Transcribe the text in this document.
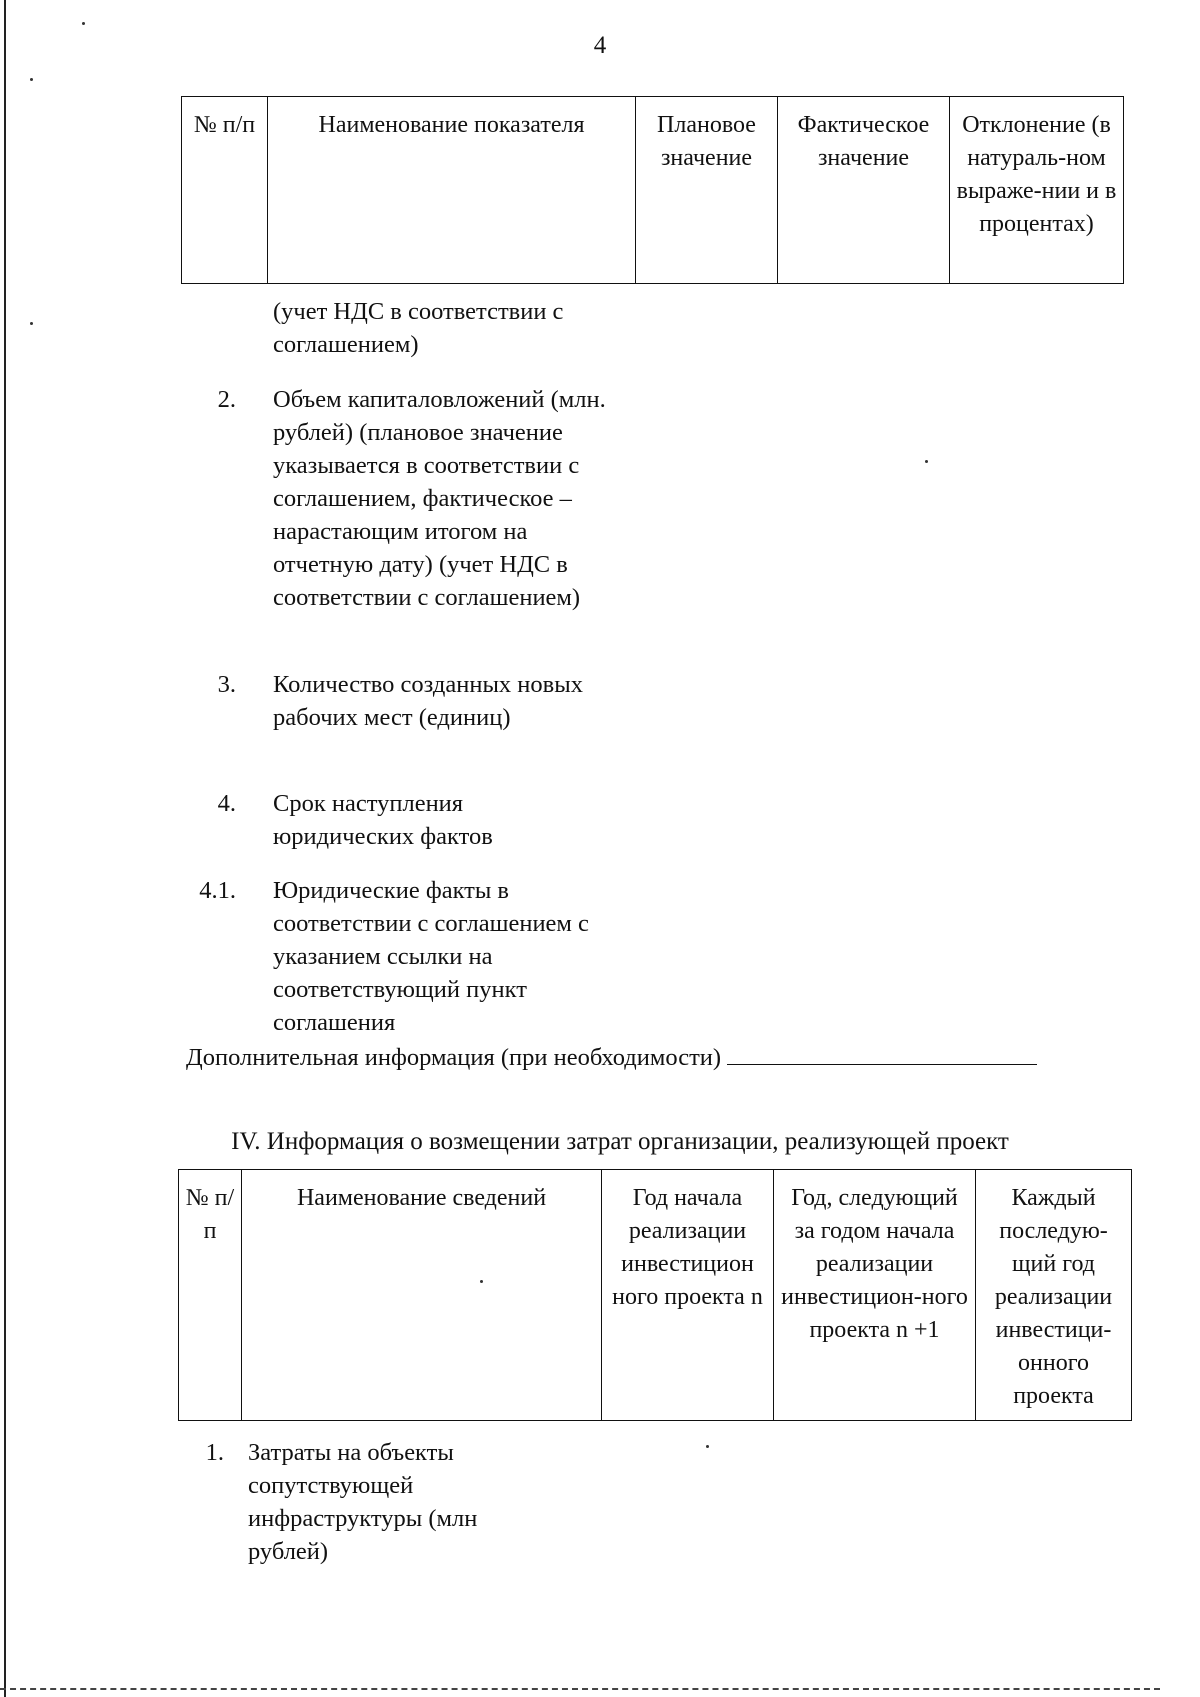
4
№ п/п	Наименование показателя	Плановое значение	Фактическое значение	Отклонение (в натураль-ном выраже-нии и в процентах)
(учет НДС в соответствии с соглашением)
2. Объем капиталовложений (млн. рублей) (плановое значение указывается в соответствии с соглашением, фактическое – нарастающим итогом на отчетную дату) (учет НДС в соответствии с соглашением)
3. Количество созданных новых рабочих мест (единиц)
4. Срок наступления юридических фактов
4.1. Юридические факты в соответствии с соглашением с указанием ссылки на соответствующий пункт соглашения
Дополнительная информация (при необходимости)
IV. Информация о возмещении затрат организации, реализующей проект
№ п/п	Наименование сведений	Год начала реализации инвестицион ного проекта n	Год, следующий за годом начала реализации инвестицион-ного проекта n +1	Каждый последую-щий год реализации инвестици-онного проекта
1. Затраты на объекты сопутствующей инфраструктуры (млн рублей)
